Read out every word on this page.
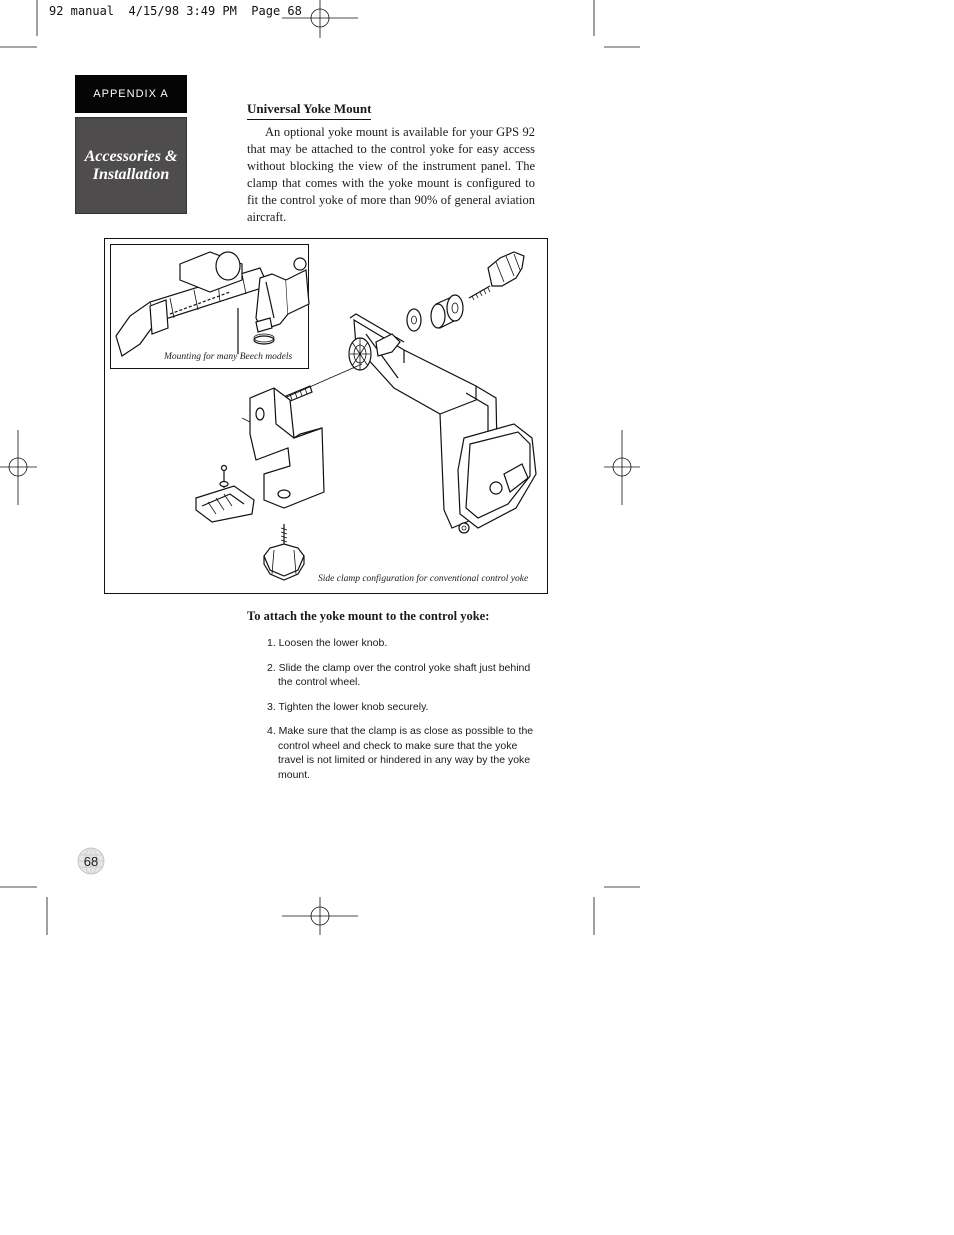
92 manual  4/15/98 3:49 PM  Page 68
APPENDIX A
Accessories &
Installation
Universal Yoke Mount

An optional yoke mount is available for your GPS 92 that may be attached to the control yoke for easy access without blocking the view of the instrument panel. The clamp that comes with the yoke mount is configured to fit the control yoke of more than 90% of general aviation aircraft.

Mounting for many Beech models
Side clamp configuration for conventional control yoke
To attach the yoke mount to the control yoke:
1. Loosen the lower knob.
2. Slide the clamp over the control yoke shaft just behind the control wheel.
3. Tighten the lower knob securely.
4. Make sure that the clamp is as close as possible to the control wheel and check to make sure that the yoke travel is not limited or hindered in any way by the yoke mount.
68
